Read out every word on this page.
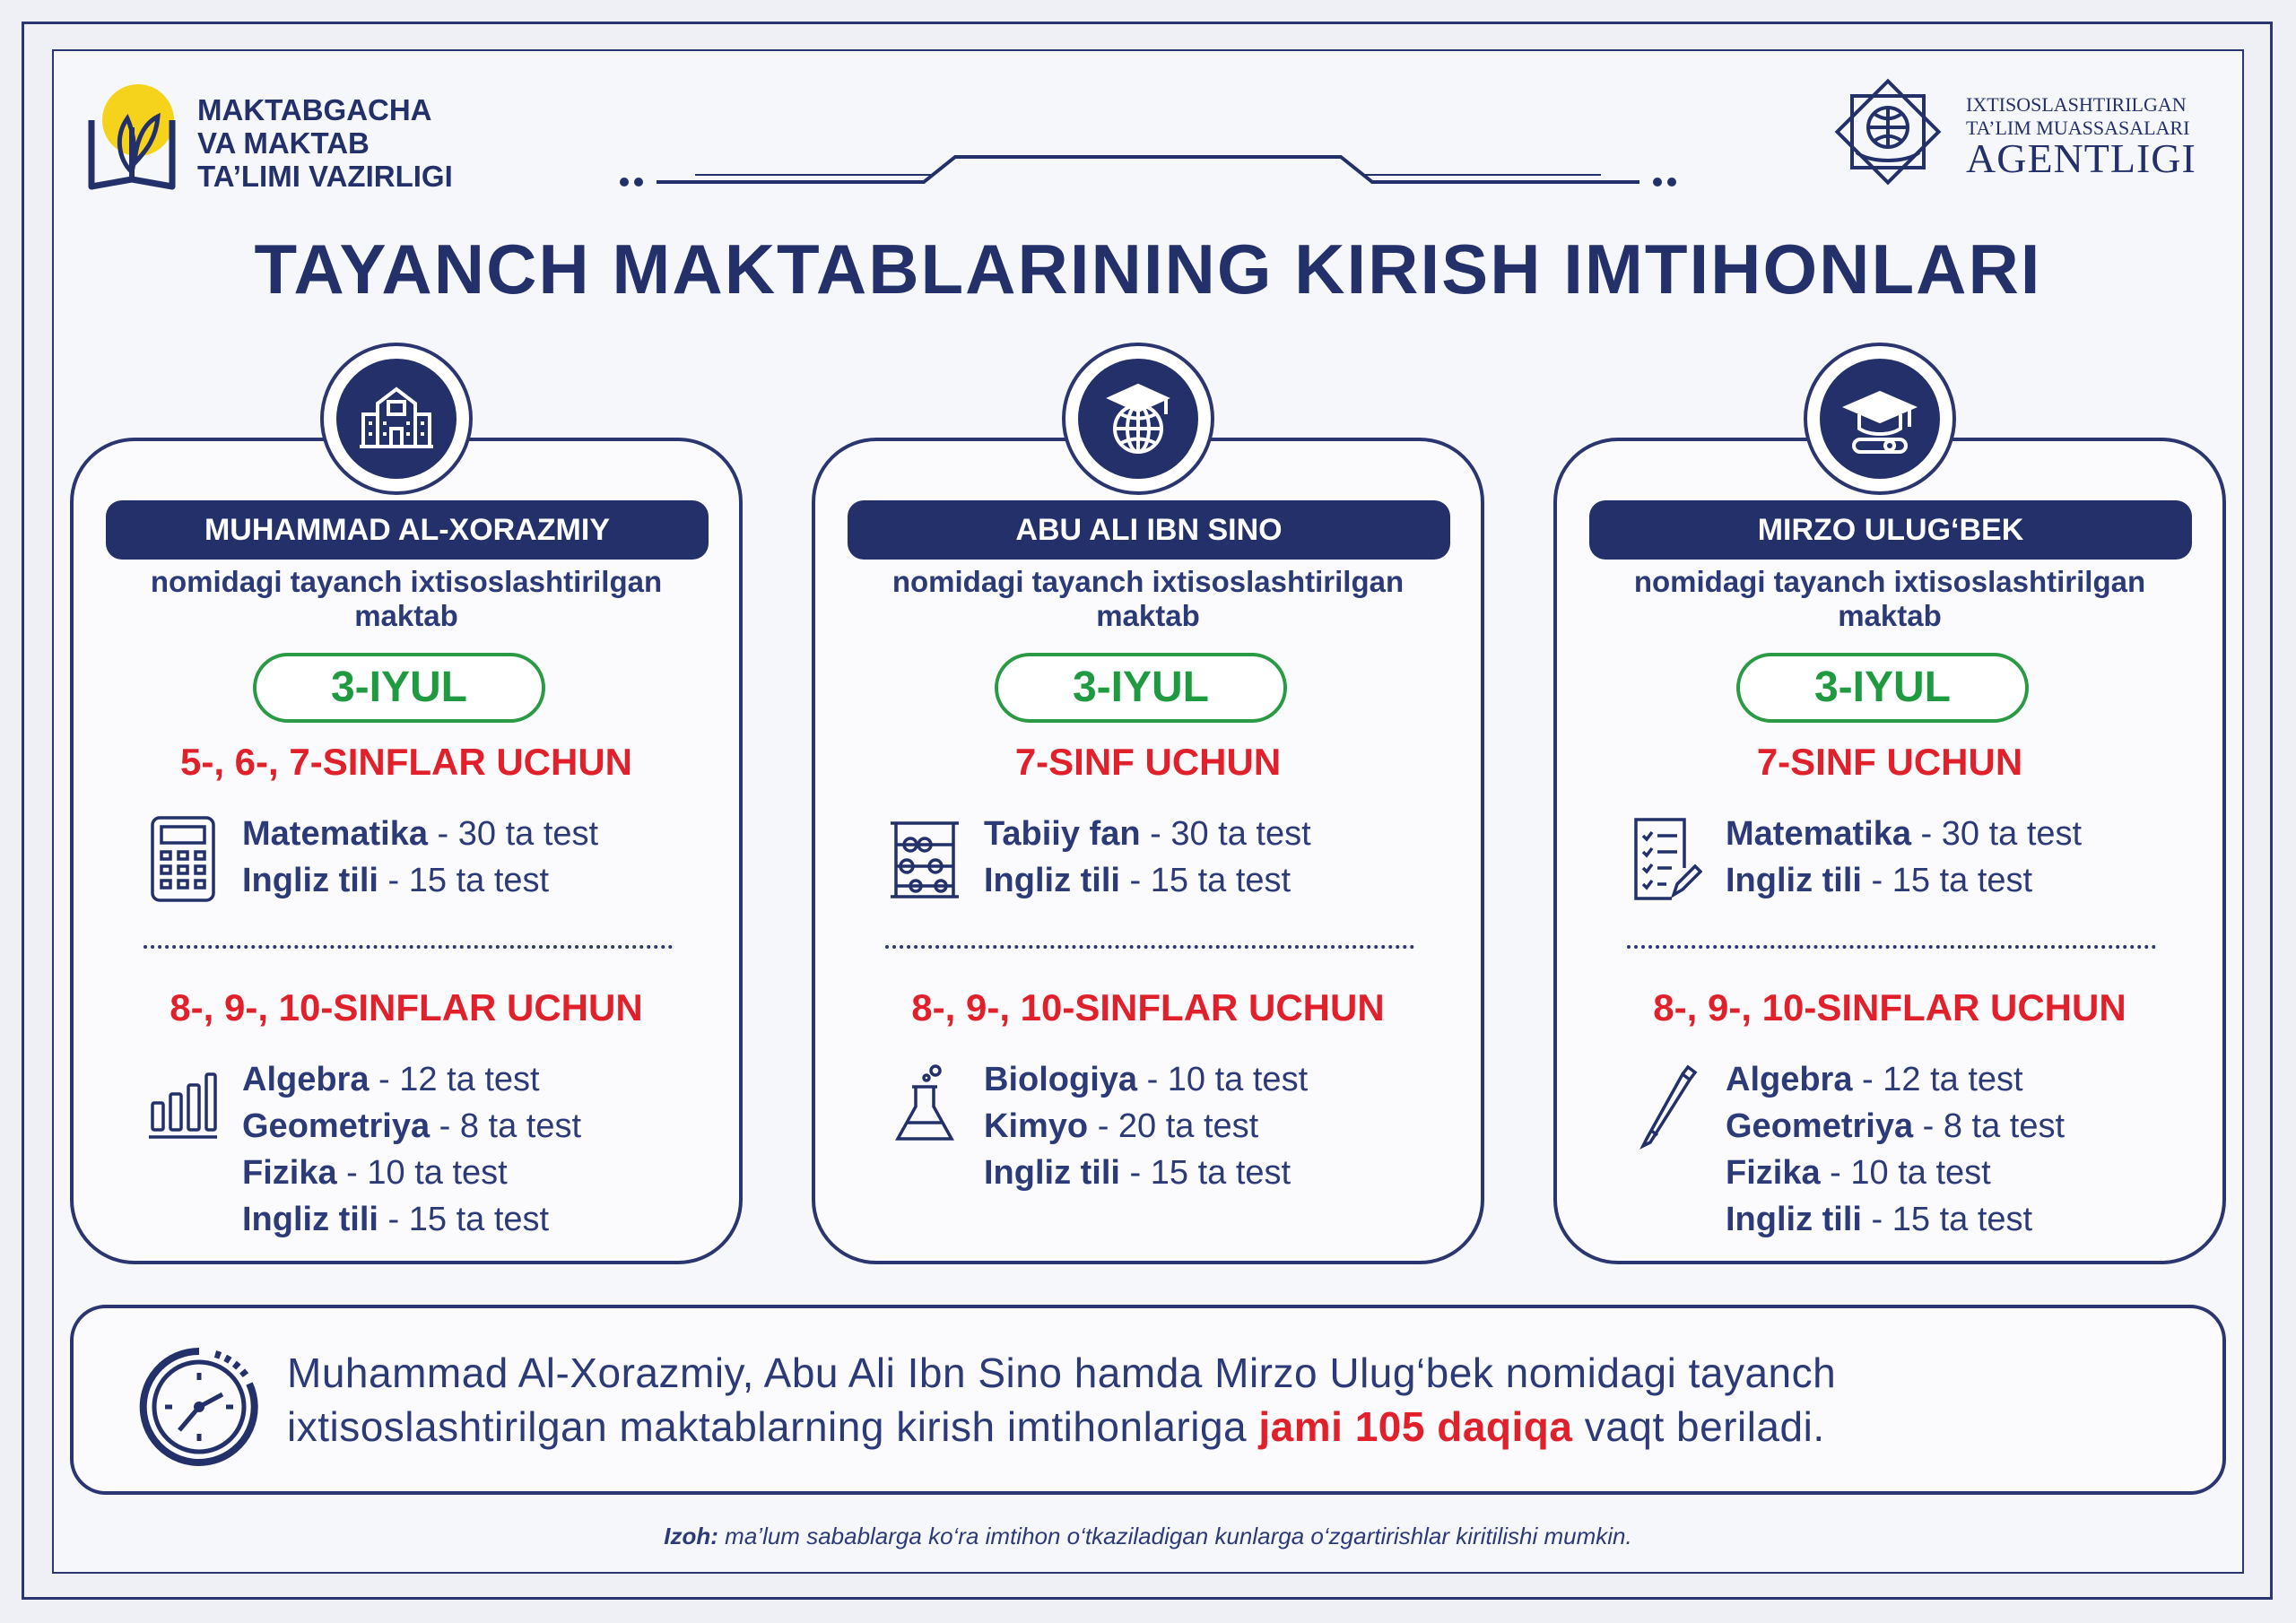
MAKTABGACHA
VA MAKTAB
TA’LIMI VAZIRLIGI
IXTISOSLASHTIRILGAN
TA’LIM MUASSASALARI
AGENTLIGI
TAYANCH MAKTABLARINING KIRISH IMTIHONLARI
MUHAMMAD AL-XORAZMIY
nomidagi tayanch ixtisoslashtirilgan
maktab
3-IYUL
5-, 6-, 7-SINFLAR UCHUN
Matematika - 30 ta test
Ingliz tili - 15 ta test
8-, 9-, 10-SINFLAR UCHUN
Algebra - 12 ta test
Geometriya - 8 ta test
Fizika - 10 ta test
Ingliz tili - 15 ta test
ABU ALI IBN SINO
nomidagi tayanch ixtisoslashtirilgan
maktab
3-IYUL
7-SINF UCHUN
Tabiiy fan - 30 ta test
Ingliz tili - 15 ta test
8-, 9-, 10-SINFLAR UCHUN
Biologiya - 10 ta test
Kimyo - 20 ta test
Ingliz tili - 15 ta test
MIRZO ULUG‘BEK
nomidagi tayanch ixtisoslashtirilgan
maktab
3-IYUL
7-SINF UCHUN
Matematika - 30 ta test
Ingliz tili - 15 ta test
8-, 9-, 10-SINFLAR UCHUN
Algebra - 12 ta test
Geometriya - 8 ta test
Fizika - 10 ta test
Ingliz tili - 15 ta test
Muhammad Al-Xorazmiy, Abu Ali Ibn Sino hamda Mirzo Ulug‘bek nomidagi tayanch
ixtisoslashtirilgan maktablarning kirish imtihonlariga jami 105 daqiqa vaqt beriladi.
Izoh: ma’lum sabablarga ko‘ra imtihon o‘tkaziladigan kunlarga o‘zgartirishlar kiritilishi mumkin.
